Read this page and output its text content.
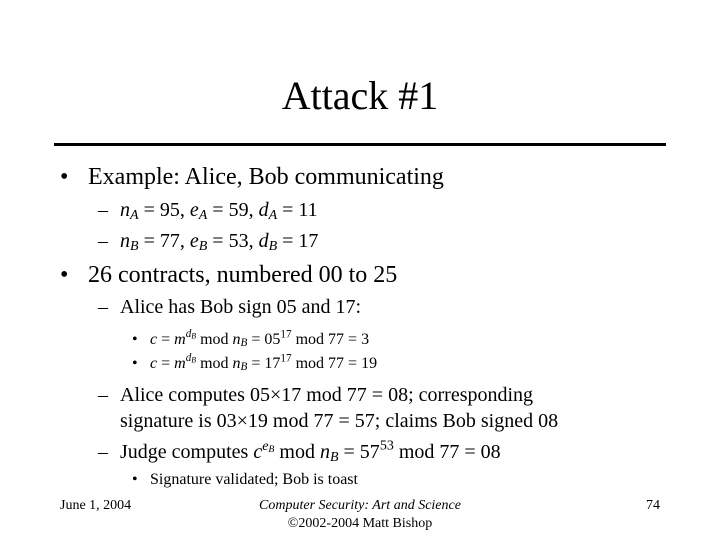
Attack #1
• Example: Alice, Bob communicating
– $n_A = 95$, $e_A = 59$, $d_A = 11$
– $n_B = 77$, $e_B = 53$, $d_B = 17$
• 26 contracts, numbered 00 to 25
– Alice has Bob sign 05 and 17:
• $c = m^{d_B}$ mod $n_B = 05^{17}$ mod 77 = 3
• $c = m^{d_B}$ mod $n_B = 17^{17}$ mod 77 = 19
– Alice computes 05×17 mod 77 = 08; corresponding
signature is 03×19 mod 77 = 57; claims Bob signed 08
– Judge computes $c^{e_B}$ mod $n_B = 57^{53}$ mod 77 = 08
• Signature validated; Bob is toast
June 1, 2004	Computer Security: Art and Science
©2002-2004 Matt Bishop
74
